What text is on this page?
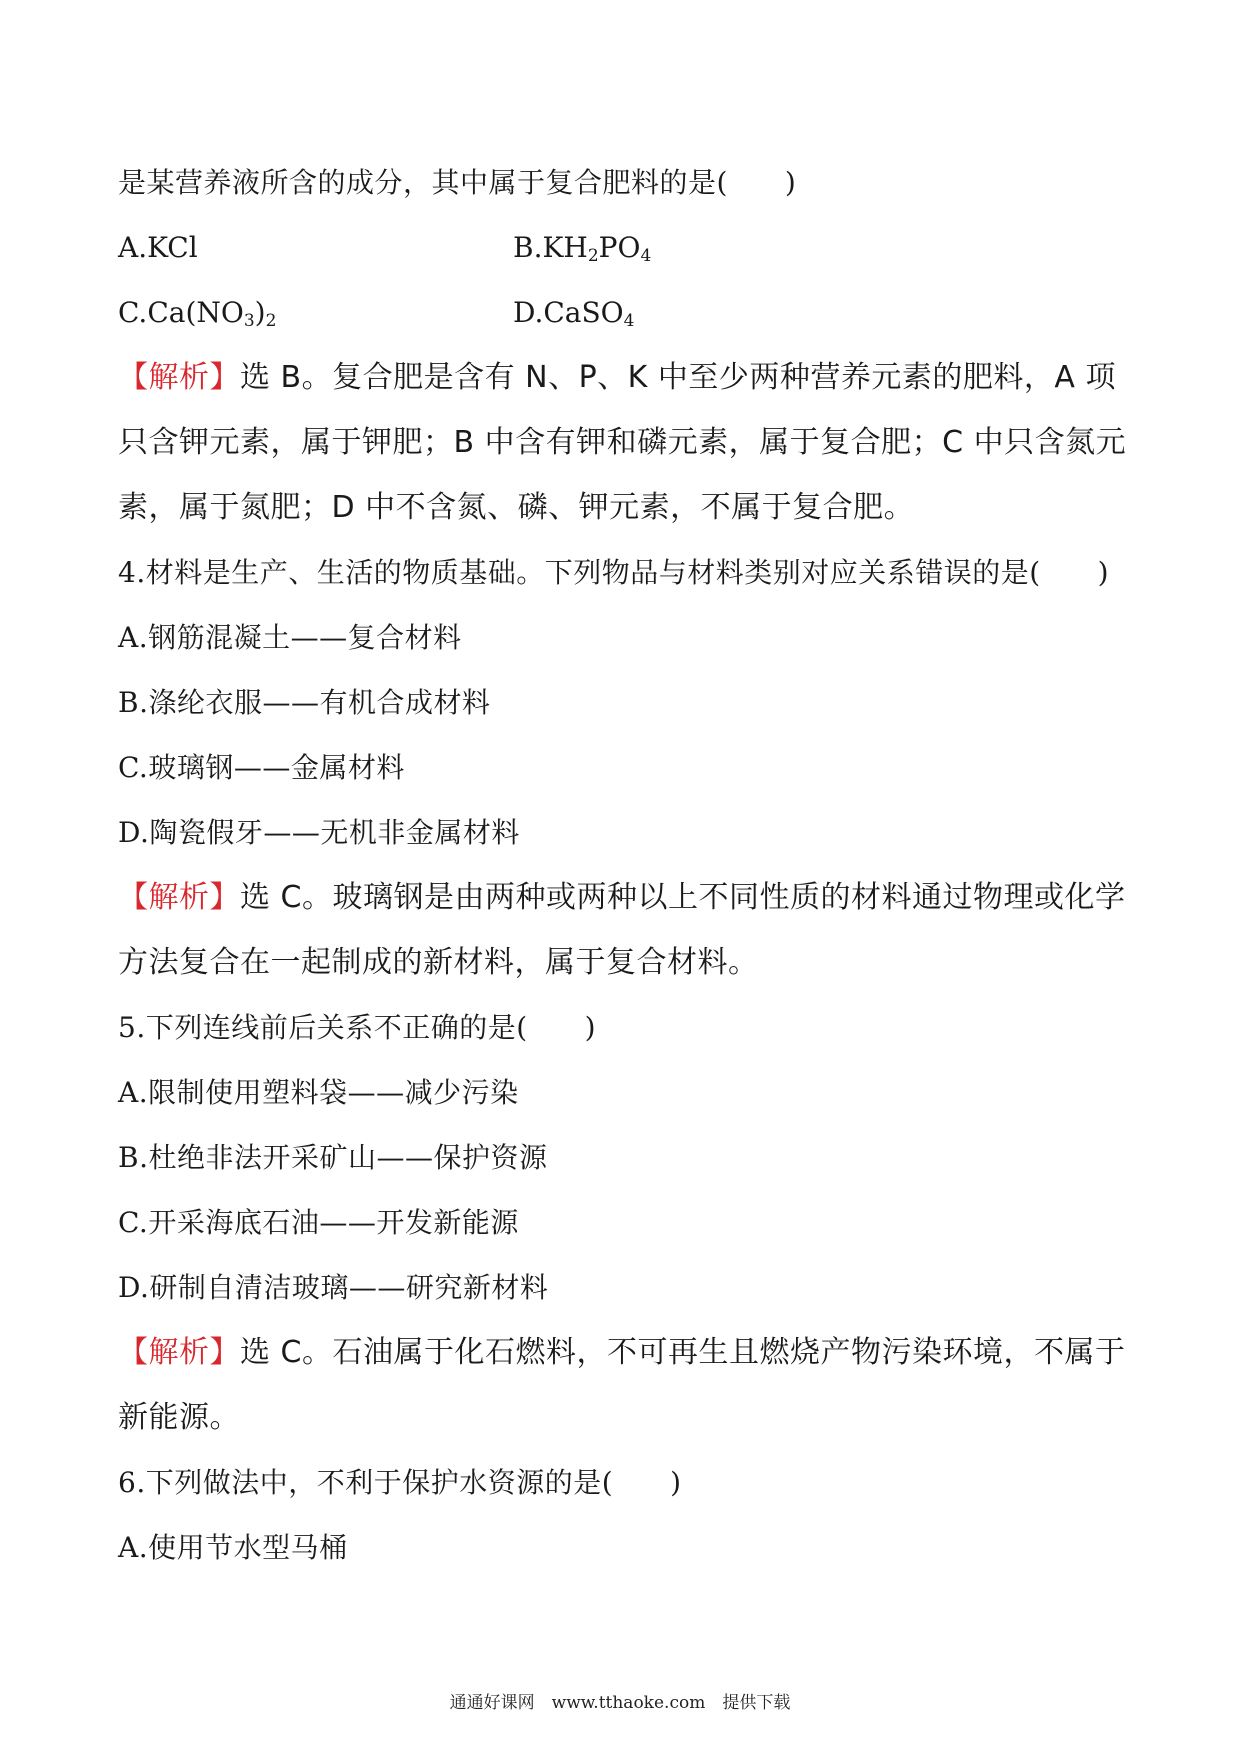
是某营养液所含的成分，其中属于复合肥料的是(　　)
A.KCl	$B.KH_2PO_4$
$C.Ca(NO_3)_2$	D.CaSO$_4$
【解析】选 B。复合肥是含有 N、P、K 中至少两种营养元素的肥料，A 项只含钾元素，属于钾肥；B 中含有钾和磷元素，属于复合肥；C 中只含氮元素，属于氮肥；D 中不含氮、磷、钾元素，不属于复合肥。
4.材料是生产、生活的物质基础。下列物品与材料类别对应关系错误的是(　　)
A.钢筋混凝土——复合材料
B.涤纶衣服——有机合成材料
C.玻璃钢——金属材料
D.陶瓷假牙——无机非金属材料
【解析】选 C。玻璃钢是由两种或两种以上不同性质的材料通过物理或化学方法复合在一起制成的新材料，属于复合材料。
5.下列连线前后关系不正确的是(　　)
A.限制使用塑料袋——减少污染
B.杜绝非法开采矿山——保护资源
C.开采海底石油——开发新能源
D.研制自清洁玻璃——研究新材料
【解析】选 C。石油属于化石燃料，不可再生且燃烧产物污染环境，不属于新能源。
6.下列做法中，不利于保护水资源的是(　　)
A.使用节水型马桶
通通好课网　www.tthaoke.com　提供下载
